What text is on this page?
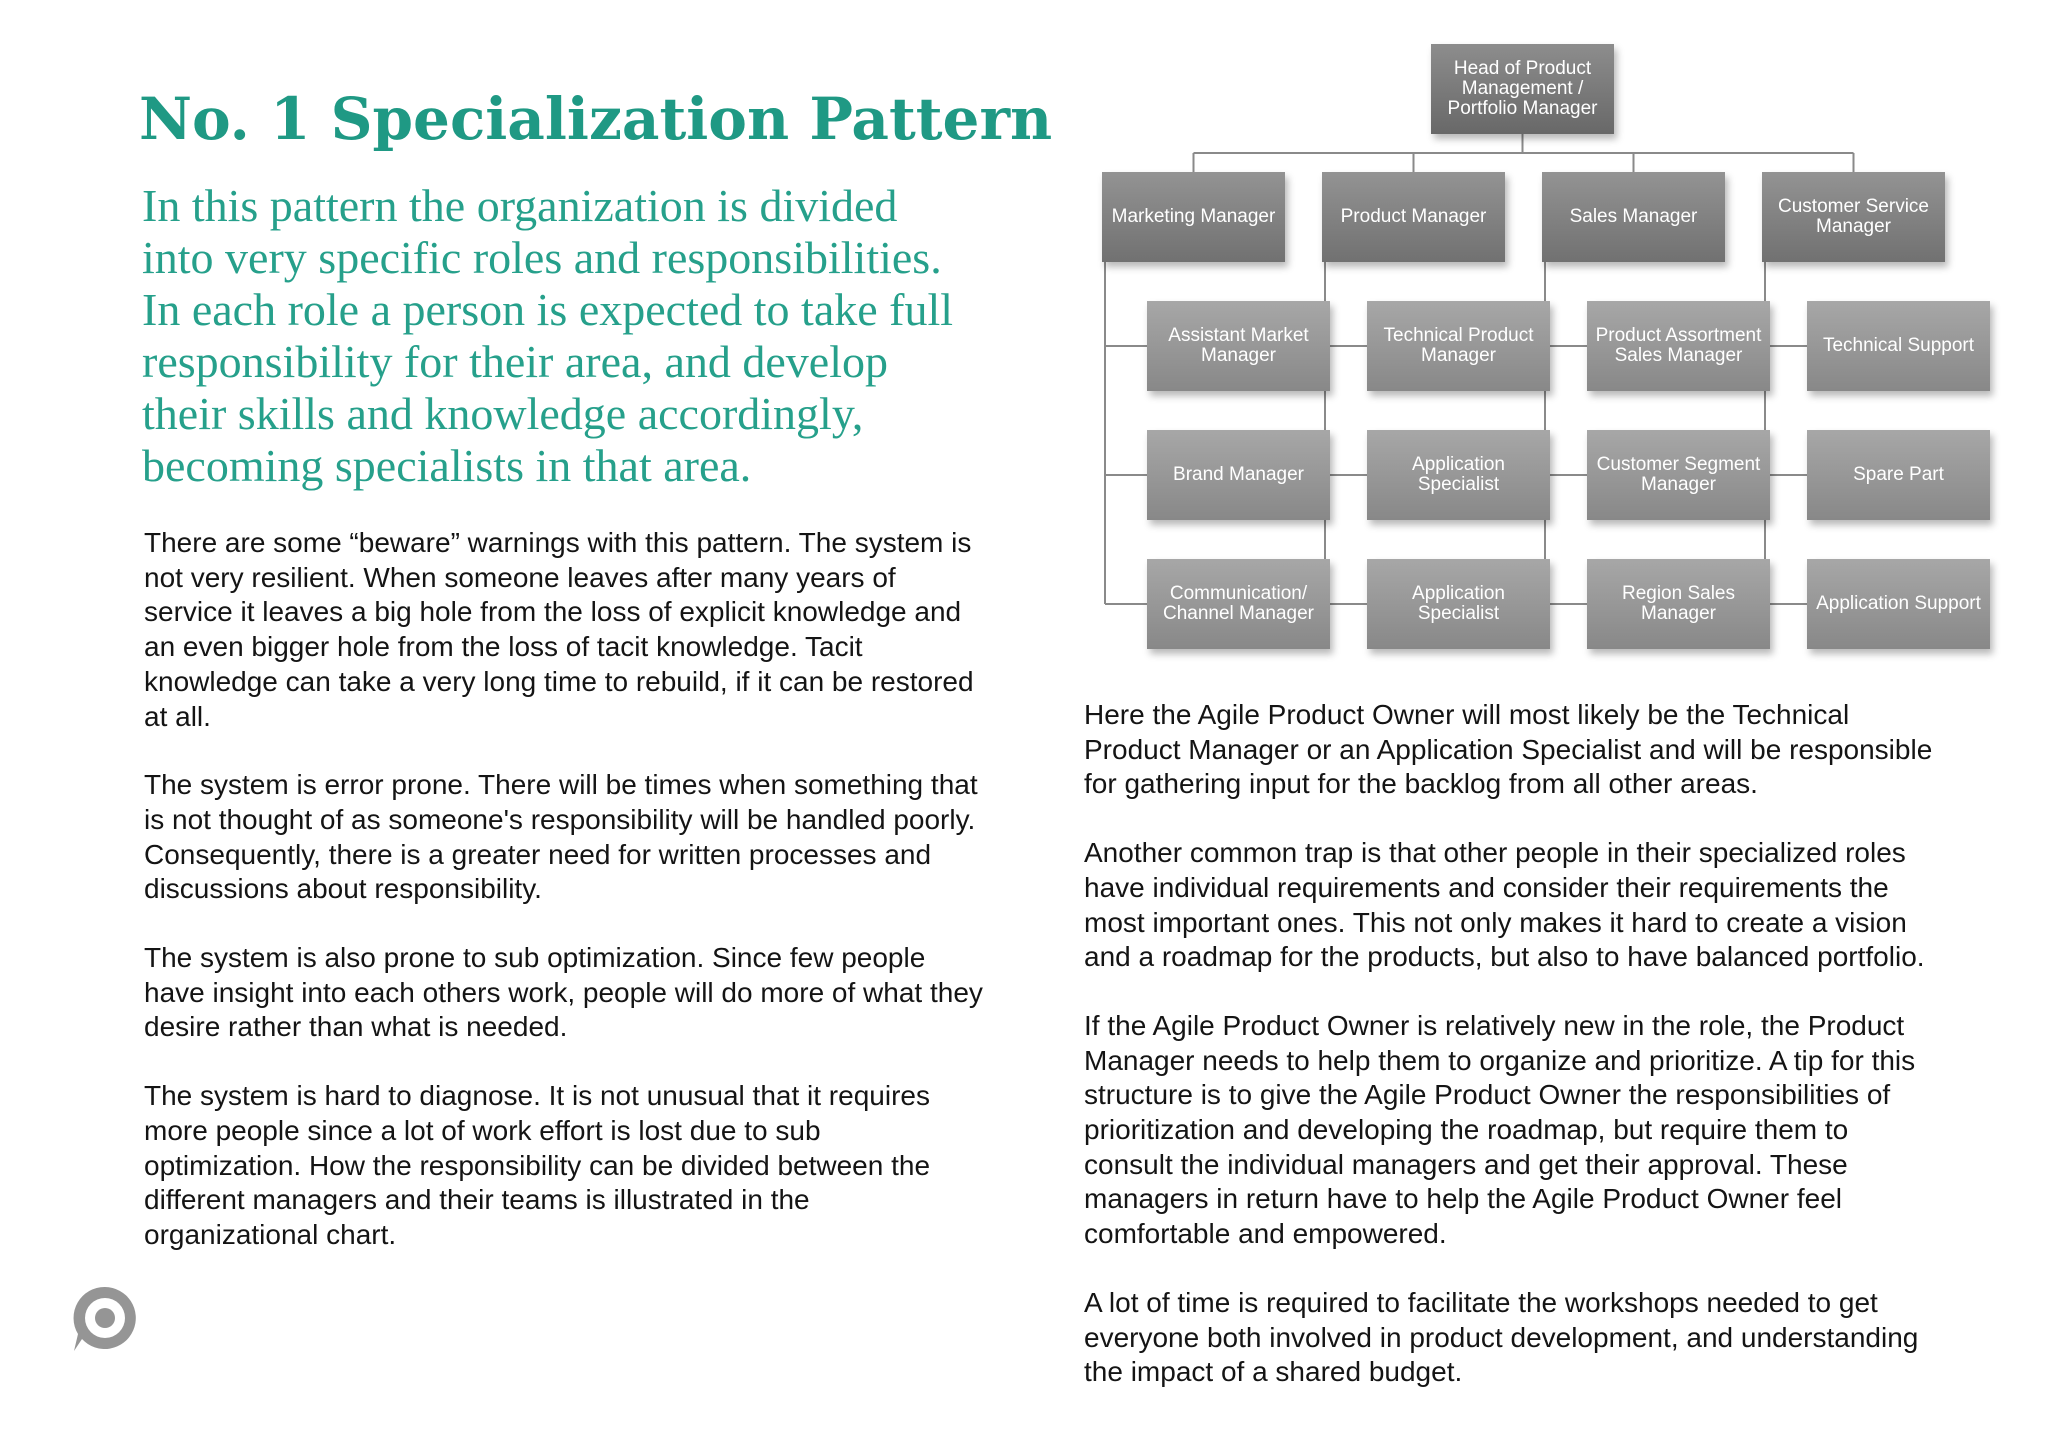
No. 1 Specialization Pattern
In this pattern the organization is divided
into very specific roles and responsibilities.
In each role a person is expected to take full
responsibility for their area, and develop
their skills and knowledge accordingly,
becoming specialists in that area.

There are some “beware” warnings with this pattern. The system is
not very resilient. When someone leaves after many years of
service it leaves a big hole from the loss of explicit knowledge and
an even bigger hole from the loss of tacit knowledge. Tacit
knowledge can take a very long time to rebuild, if it can be restored
at all.

The system is error prone. There will be times when something that
is not thought of as someone's responsibility will be handled poorly.
Consequently, there is a greater need for written processes and
discussions about responsibility.

The system is also prone to sub optimization. Since few people
have insight into each others work, people will do more of what they
desire rather than what is needed.

The system is hard to diagnose. It is not unusual that it requires
more people since a lot of work effort is lost due to sub
optimization. How the responsibility can be divided between the
different managers and their teams is illustrated in the
organizational chart.

Here the Agile Product Owner will most likely be the Technical
Product Manager or an Application Specialist and will be responsible
for gathering input for the backlog from all other areas.

Another common trap is that other people in their specialized roles
have individual requirements and consider their requirements the
most important ones. This not only makes it hard to create a vision
and a roadmap for the products, but also to have balanced portfolio.

If the Agile Product Owner is relatively new in the role, the Product
Manager needs to help them to organize and prioritize. A tip for this
structure is to give the Agile Product Owner the responsibilities of
prioritization and developing the roadmap, but require them to
consult the individual managers and get their approval. These
managers in return have to help the Agile Product Owner feel
comfortable and empowered.

A lot of time is required to facilitate the workshops needed to get
everyone both involved in product development, and understanding
the impact of a shared budget.

Head of Product
Management /
Portfolio Manager
Marketing Manager
Assistant Market
Manager
Brand Manager
Communication/
Channel Manager
Product Manager
Technical Product
Manager
Application
Specialist
Application
Specialist
Sales Manager
Product Assortment
Sales Manager
Customer Segment
Manager
Region Sales
Manager
Customer Service
Manager
Technical Support
Spare Part
Application Support
